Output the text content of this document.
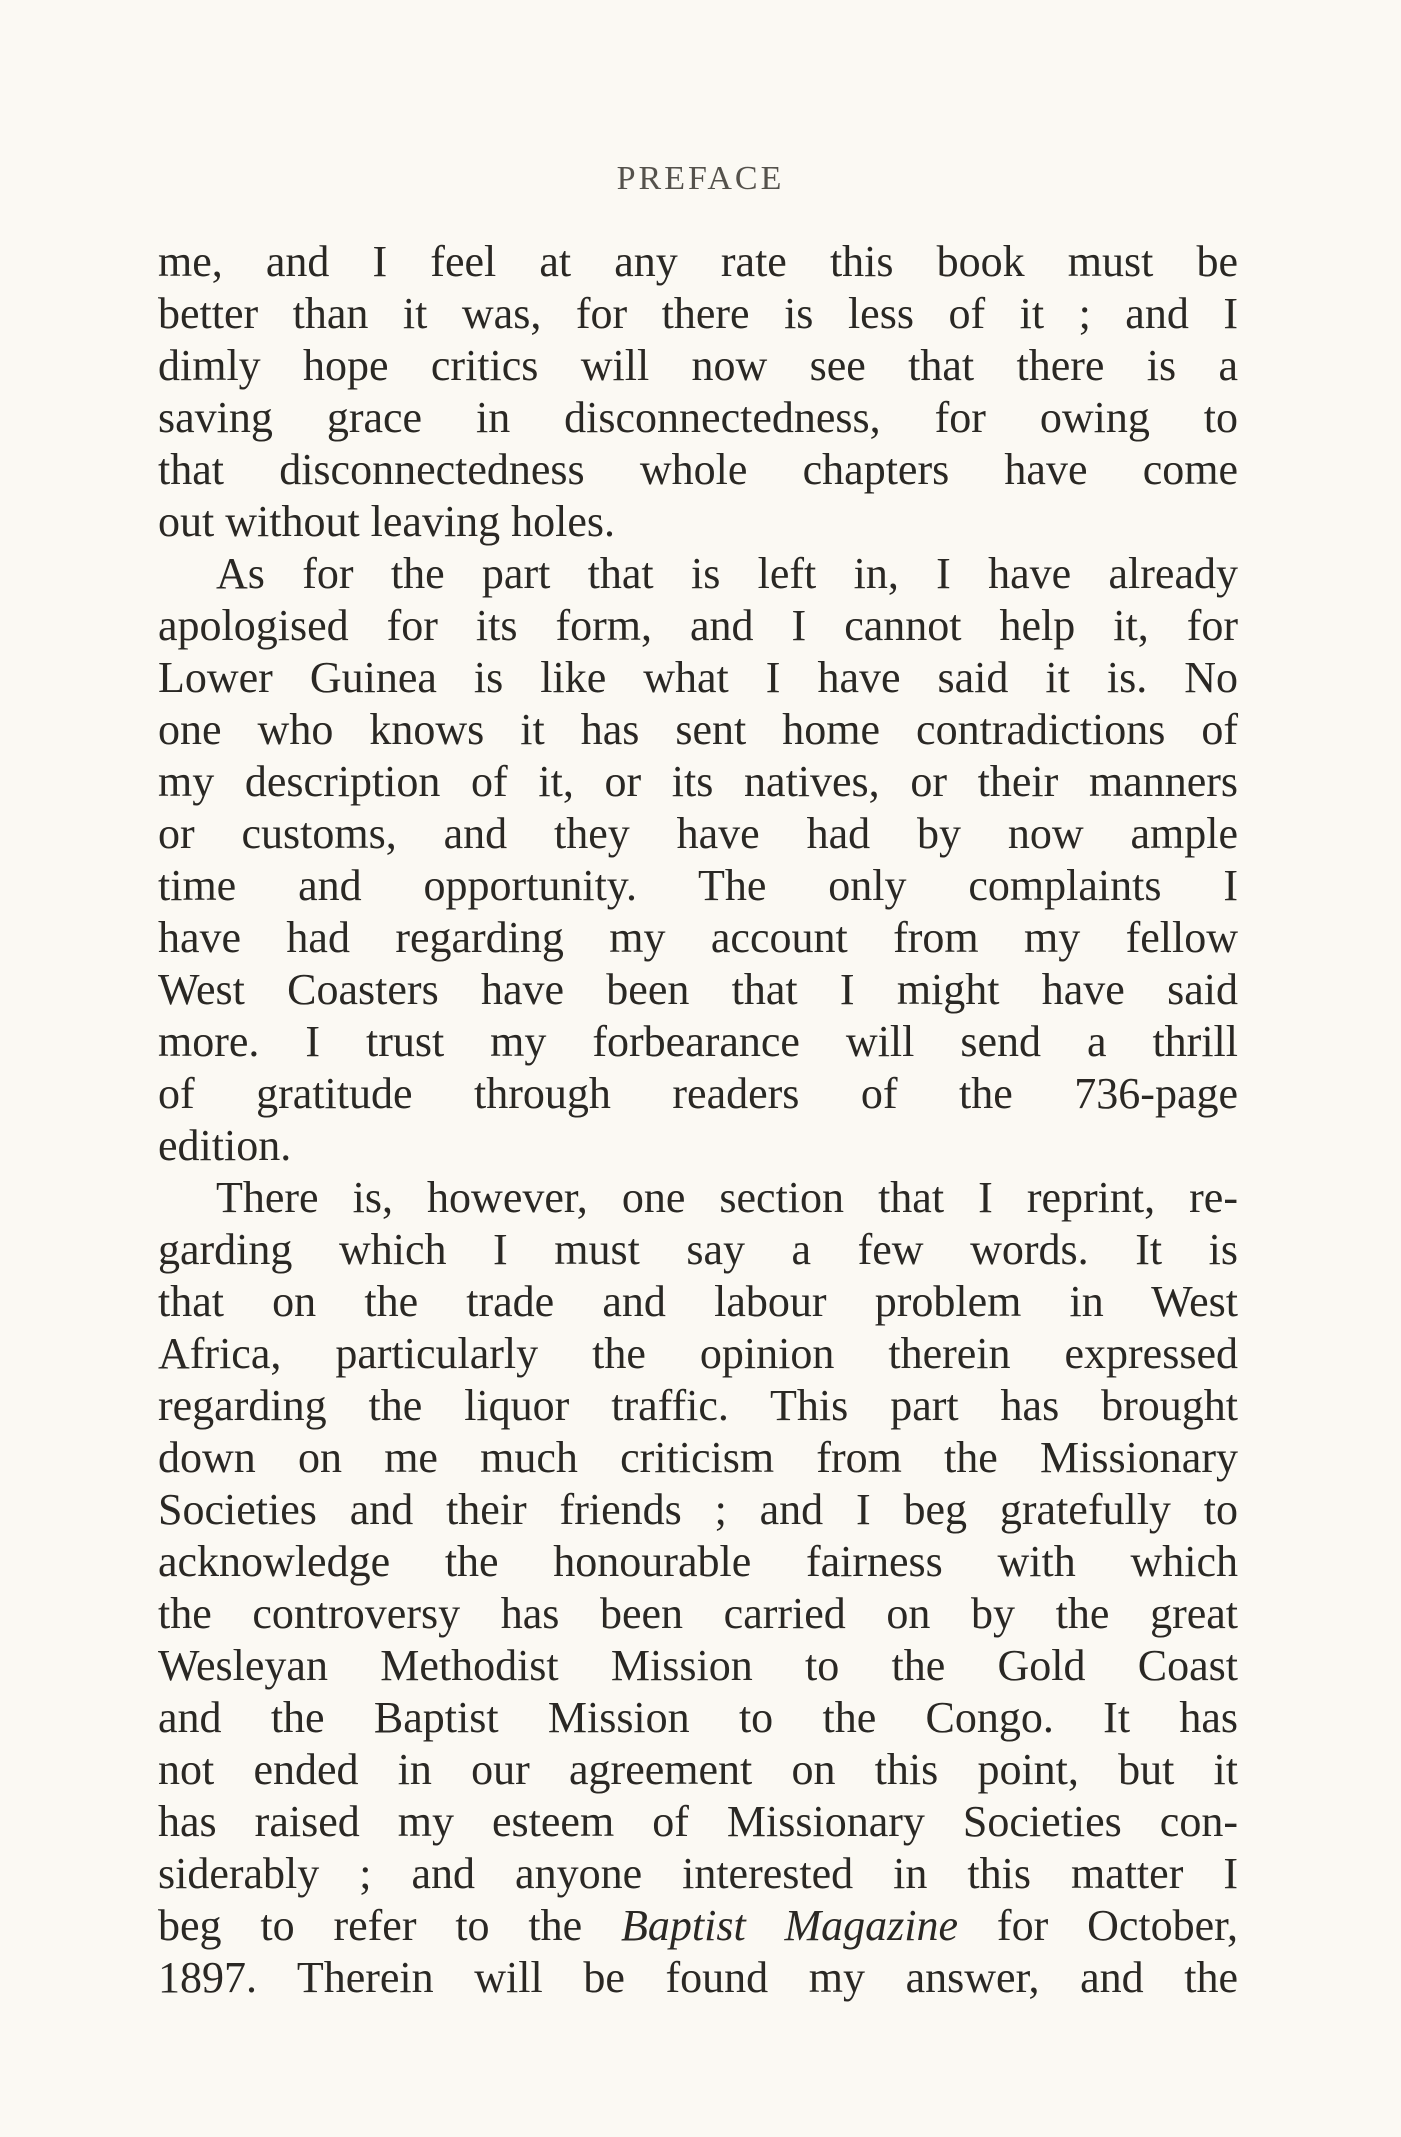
PREFACE
me, and I feel at any rate this book must be
better than it was, for there is less of it ; and I
dimly hope critics will now see that there is a
saving grace in disconnectedness, for owing to
that disconnectedness whole chapters have come
out without leaving holes.
As for the part that is left in, I have already
apologised for its form, and I cannot help it, for
Lower Guinea is like what I have said it is. No
one who knows it has sent home contradictions of
my description of it, or its natives, or their manners
or customs, and they have had by now ample
time and opportunity. The only complaints I
have had regarding my account from my fellow
West Coasters have been that I might have said
more. I trust my forbearance will send a thrill
of gratitude through readers of the 736-page
edition.
There is, however, one section that I reprint, re-
garding which I must say a few words. It is
that on the trade and labour problem in West
Africa, particularly the opinion therein expressed
regarding the liquor traffic. This part has brought
down on me much criticism from the Missionary
Societies and their friends ; and I beg gratefully to
acknowledge the honourable fairness with which
the controversy has been carried on by the great
Wesleyan Methodist Mission to the Gold Coast
and the Baptist Mission to the Congo. It has
not ended in our agreement on this point, but it
has raised my esteem of Missionary Societies con-
siderably ; and anyone interested in this matter I
beg to refer to the Baptist Magazine for October,
1897. Therein will be found my answer, and the
